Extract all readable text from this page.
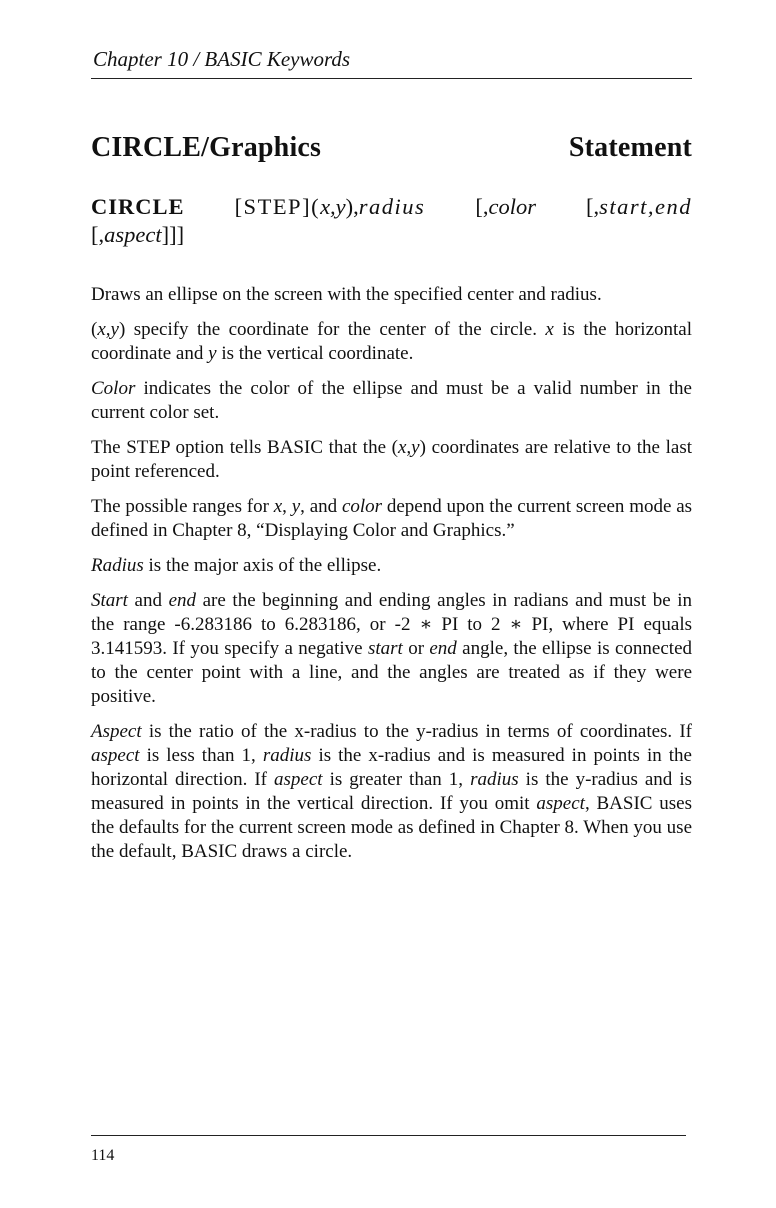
Chapter 10 / BASIC Keywords
CIRCLE/Graphics	Statement
CIRCLE [STEP](x,y),radius [,color [,start,end
[,aspect]]]

Draws an ellipse on the screen with the specified center and radius.

(x,y) specify the coordinate for the center of the circle. x is the horizontal coordinate and y is the vertical coordinate.

Color indicates the color of the ellipse and must be a valid number in the current color set.

The STEP option tells BASIC that the (x,y) coordinates are relative to the last point referenced.

The possible ranges for x, y, and color depend upon the current screen mode as defined in Chapter 8, “Displaying Color and Graphics.”

Radius is the major axis of the ellipse.

Start and end are the beginning and ending angles in radians and must be in the range -6.283186 to 6.283186, or -2 ∗ PI to 2 ∗ PI, where PI equals 3.141593. If you specify a negative start or end angle, the ellipse is connected to the center point with a line, and the angles are treated as if they were positive.

Aspect is the ratio of the x-radius to the y-radius in terms of coordinates. If aspect is less than 1, radius is the x-radius and is measured in points in the horizontal direction. If aspect is greater than 1, radius is the y-radius and is measured in points in the vertical direction. If you omit aspect, BASIC uses the defaults for the current screen mode as defined in Chapter 8. When you use the default, BASIC draws a circle.

114
